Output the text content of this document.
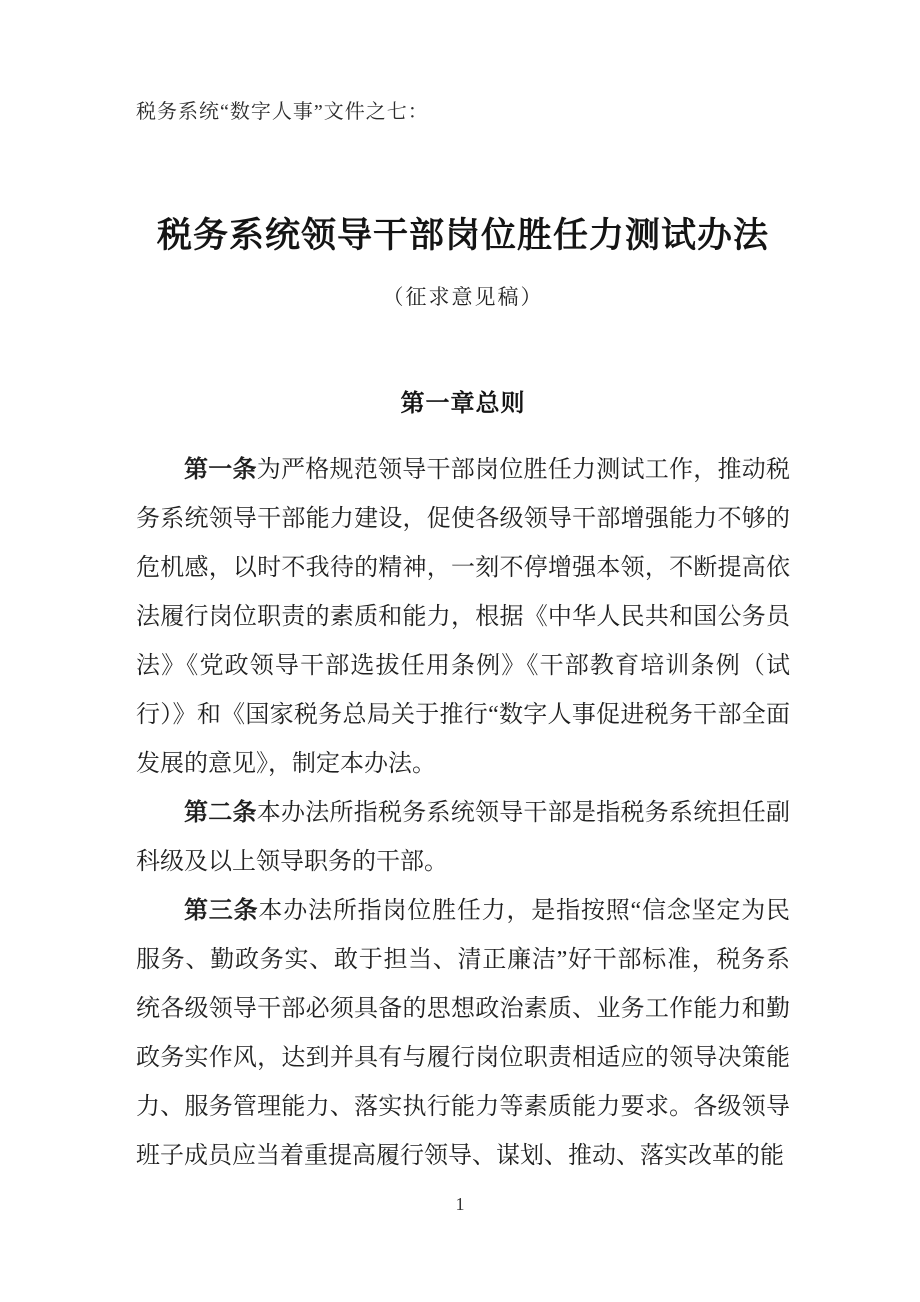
税务系统“数字人事”文件之七：
税务系统领导干部岗位胜任力测试办法
（征求意见稿）
第一章总则

第一条为严格规范领导干部岗位胜任力测试工作，推动税务系统领导干部能力建设，促使各级领导干部增强能力不够的危机感，以时不我待的精神，一刻不停增强本领，不断提高依法履行岗位职责的素质和能力，根据《中华人民共和国公务员法》《党政领导干部选拔任用条例》《干部教育培训条例（试行）》和《国家税务总局关于推行“数字人事促进税务干部全面发展的意见》，制定本办法。

第二条本办法所指税务系统领导干部是指税务系统担任副科级及以上领导职务的干部。

第三条本办法所指岗位胜任力，是指按照“信念坚定为民服务、勤政务实、敢于担当、清正廉洁”好干部标准，税务系统各级领导干部必须具备的思想政治素质、业务工作能力和勤政务实作风，达到并具有与履行岗位职责相适应的领导决策能力、服务管理能力、落实执行能力等素质能力要求。各级领导班子成员应当着重提高履行领导、谋划、推动、落实改革的能

1
